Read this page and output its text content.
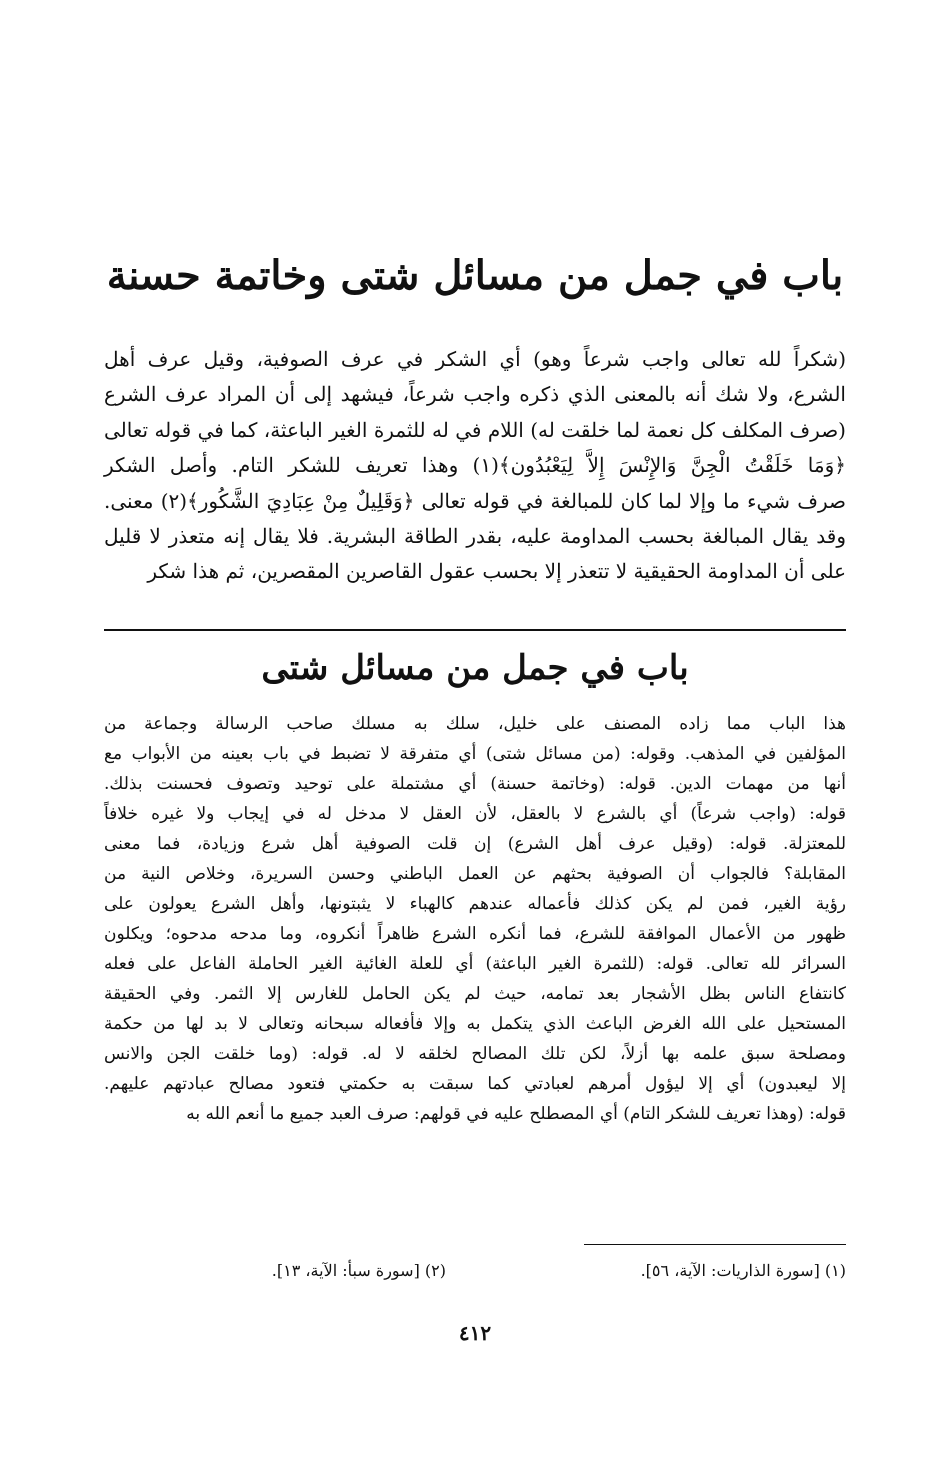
باب في جمل من مسائل شتى وخاتمة حسنة

(شكراً لله تعالى واجب شرعاً وهو) أي الشكر في عرف الصوفية، وقيل عرف أهل

الشرع، ولا شك أنه بالمعنى الذي ذكره واجب شرعاً، فيشهد إلى أن المراد عرف الشرع

(صرف المكلف كل نعمة لما خلقت له) اللام في له للثمرة الغير الباعثة، كما في قوله تعالى

﴿وَمَا خَلَقْتُ الْجِنَّ وَالإِنْسَ إِلاَّ لِيَعْبُدُون﴾(١) وهذا تعريف للشكر التام. وأصل الشكر

صرف شيء ما وإلا لما كان للمبالغة في قوله تعالى ﴿وَقَلِيلٌ مِنْ عِبَادِيَ الشَّكُور﴾(٢) معنى.

وقد يقال المبالغة بحسب المداومة عليه، بقدر الطاقة البشرية. فلا يقال إنه متعذر لا قليل

على أن المداومة الحقيقية لا تتعذر إلا بحسب عقول القاصرين المقصرين، ثم هذا شكر

باب في جمل من مسائل شتى

هذا الباب مما زاده المصنف على خليل، سلك به مسلك صاحب الرسالة وجماعة من

المؤلفين في المذهب. وقوله: (من مسائل شتى) أي متفرقة لا تضبط في باب بعينه من الأبواب مع

أنها من مهمات الدين. قوله: (وخاتمة حسنة) أي مشتملة على توحيد وتصوف فحسنت بذلك.

قوله: (واجب شرعاً) أي بالشرع لا بالعقل، لأن العقل لا مدخل له في إيجاب ولا غيره خلافاً

للمعتزلة. قوله: (وقيل عرف أهل الشرع) إن قلت الصوفية أهل شرع وزيادة، فما معنى

المقابلة؟ فالجواب أن الصوفية بحثهم عن العمل الباطني وحسن السريرة، وخلاص النية من

رؤية الغير، فمن لم يكن كذلك فأعماله عندهم كالهباء لا يثبتونها، وأهل الشرع يعولون على

ظهور من الأعمال الموافقة للشرع، فما أنكره الشرع ظاهراً أنكروه، وما مدحه مدحوه؛ ويكلون

السرائر لله تعالى. قوله: (للثمرة الغير الباعثة) أي للعلة الغائية الغير الحاملة الفاعل على فعله

كانتفاع الناس بظل الأشجار بعد تمامه، حيث لم يكن الحامل للغارس إلا الثمر. وفي الحقيقة

المستحيل على الله الغرض الباعث الذي يتكمل به وإلا فأفعاله سبحانه وتعالى لا بد لها من حكمة

ومصلحة سبق علمه بها أزلاً، لكن تلك المصالح لخلقه لا له. قوله: (وما خلقت الجن والانس

إلا ليعبدون) أي إلا ليؤول أمرهم لعبادتي كما سبقت به حكمتي فتعود مصالح عبادتهم عليهم.

قوله: (وهذا تعريف للشكر التام) أي المصطلح عليه في قولهم: صرف العبد جميع ما أنعم الله به

(١) [سورة الذاريات: الآية، ٥٦].
(٢) [سورة سبأ: الآية، ١٣].
٤١٢
